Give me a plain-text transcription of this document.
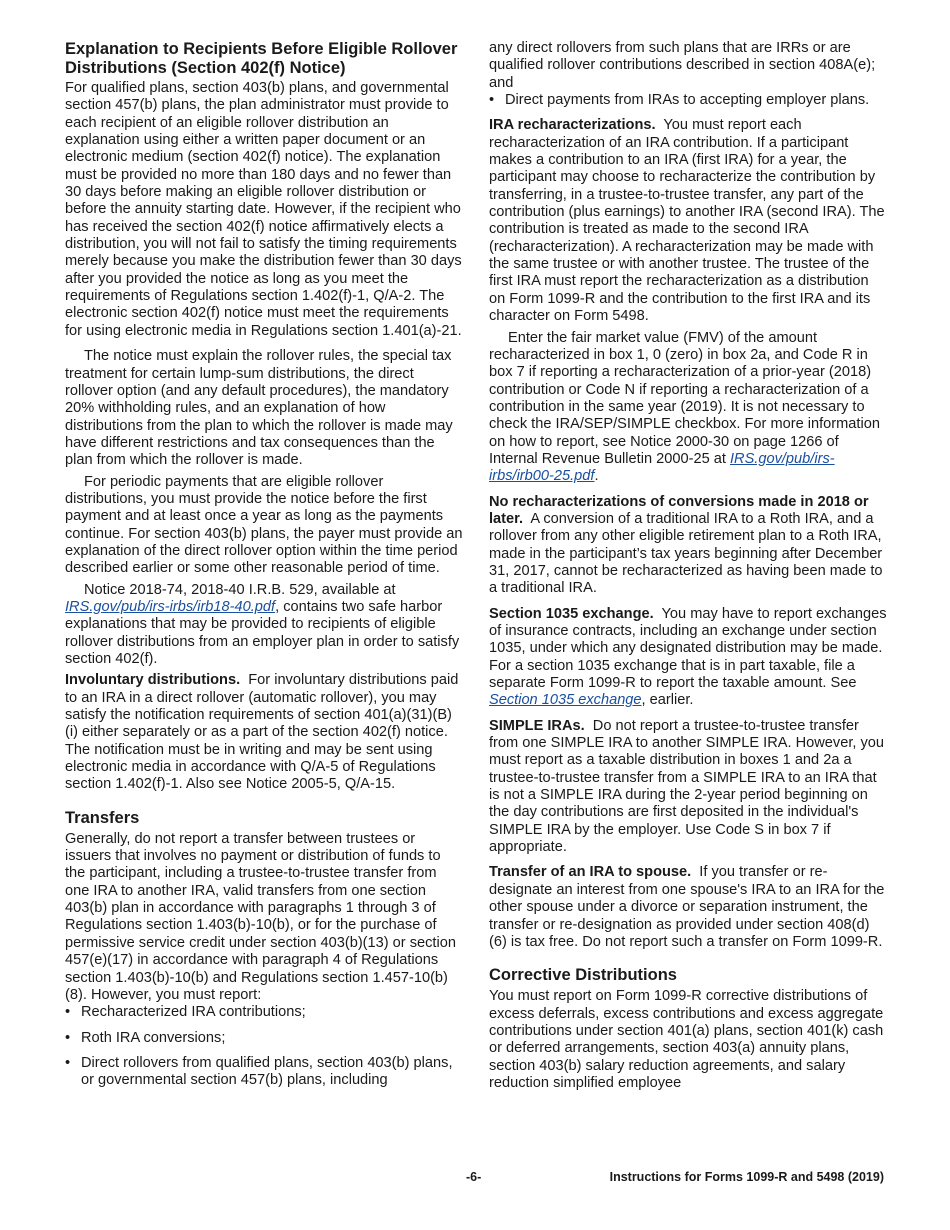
Explanation to Recipients Before Eligible Rollover Distributions (Section 402(f) Notice)

For qualified plans, section 403(b) plans, and governmental section 457(b) plans, the plan administrator must provide to each recipient of an eligible rollover distribution an explanation using either a written paper document or an electronic medium (section 402(f) notice). The explanation must be provided no more than 180 days and no fewer than 30 days before making an eligible rollover distribution or before the annuity starting date. However, if the recipient who has received the section 402(f) notice affirmatively elects a distribution, you will not fail to satisfy the timing requirements merely because you make the distribution fewer than 30 days after you provided the notice as long as you meet the requirements of Regulations section 1.402(f)-1, Q/A-2. The electronic section 402(f) notice must meet the requirements for using electronic media in Regulations section 1.401(a)-21.

The notice must explain the rollover rules, the special tax treatment for certain lump-sum distributions, the direct rollover option (and any default procedures), the mandatory 20% withholding rules, and an explanation of how distributions from the plan to which the rollover is made may have different restrictions and tax consequences than the plan from which the rollover is made.

For periodic payments that are eligible rollover distributions, you must provide the notice before the first payment and at least once a year as long as the payments continue. For section 403(b) plans, the payer must provide an explanation of the direct rollover option within the time period described earlier or some other reasonable period of time.

Notice 2018-74, 2018-40 I.R.B. 529, available at IRS.gov/pub/irs-irbs/irb18-40.pdf, contains two safe harbor explanations that may be provided to recipients of eligible rollover distributions from an employer plan in order to satisfy section 402(f).

Involuntary distributions. For involuntary distributions paid to an IRA in a direct rollover (automatic rollover), you may satisfy the notification requirements of section 401(a)(31)(B)(i) either separately or as a part of the section 402(f) notice. The notification must be in writing and may be sent using electronic media in accordance with Q/A-5 of Regulations section 1.402(f)-1. Also see Notice 2005-5, Q/A-15.

Transfers

Generally, do not report a transfer between trustees or issuers that involves no payment or distribution of funds to the participant, including a trustee-to-trustee transfer from one IRA to another IRA, valid transfers from one section 403(b) plan in accordance with paragraphs 1 through 3 of Regulations section 1.403(b)-10(b), or for the purchase of permissive service credit under section 403(b)(13) or section 457(e)(17) in accordance with paragraph 4 of Regulations section 1.403(b)-10(b) and Regulations section 1.457-10(b)(8). However, you must report:

• Recharacterized IRA contributions;

• Roth IRA conversions;

• Direct rollovers from qualified plans, section 403(b) plans, or governmental section 457(b) plans, including

any direct rollovers from such plans that are IRRs or are qualified rollover contributions described in section 408A(e); and

• Direct payments from IRAs to accepting employer plans.

IRA recharacterizations. You must report each recharacterization of an IRA contribution. If a participant makes a contribution to an IRA (first IRA) for a year, the participant may choose to recharacterize the contribution by transferring, in a trustee-to-trustee transfer, any part of the contribution (plus earnings) to another IRA (second IRA). The contribution is treated as made to the second IRA (recharacterization). A recharacterization may be made with the same trustee or with another trustee. The trustee of the first IRA must report the recharacterization as a distribution on Form 1099-R and the contribution to the first IRA and its character on Form 5498.

Enter the fair market value (FMV) of the amount recharacterized in box 1, 0 (zero) in box 2a, and Code R in box 7 if reporting a recharacterization of a prior-year (2018) contribution or Code N if reporting a recharacterization of a contribution in the same year (2019). It is not necessary to check the IRA/SEP/SIMPLE checkbox. For more information on how to report, see Notice 2000-30 on page 1266 of Internal Revenue Bulletin 2000-25 at IRS.gov/pub/irs-irbs/irb00-25.pdf.

No recharacterizations of conversions made in 2018 or later. A conversion of a traditional IRA to a Roth IRA, and a rollover from any other eligible retirement plan to a Roth IRA, made in the participant’s tax years beginning after December 31, 2017, cannot be recharacterized as having been made to a traditional IRA.

Section 1035 exchange. You may have to report exchanges of insurance contracts, including an exchange under section 1035, under which any designated distribution may be made. For a section 1035 exchange that is in part taxable, file a separate Form 1099-R to report the taxable amount. See Section 1035 exchange, earlier.

SIMPLE IRAs. Do not report a trustee-to-trustee transfer from one SIMPLE IRA to another SIMPLE IRA. However, you must report as a taxable distribution in boxes 1 and 2a a trustee-to-trustee transfer from a SIMPLE IRA to an IRA that is not a SIMPLE IRA during the 2-year period beginning on the day contributions are first deposited in the individual's SIMPLE IRA by the employer. Use Code S in box 7 if appropriate.

Transfer of an IRA to spouse. If you transfer or re-designate an interest from one spouse's IRA to an IRA for the other spouse under a divorce or separation instrument, the transfer or re-designation as provided under section 408(d)(6) is tax free. Do not report such a transfer on Form 1099-R.

Corrective Distributions

You must report on Form 1099-R corrective distributions of excess deferrals, excess contributions and excess aggregate contributions under section 401(a) plans, section 401(k) cash or deferred arrangements, section 403(a) annuity plans, section 403(b) salary reduction agreements, and salary reduction simplified employee

-6-	Instructions for Forms 1099-R and 5498 (2019)
